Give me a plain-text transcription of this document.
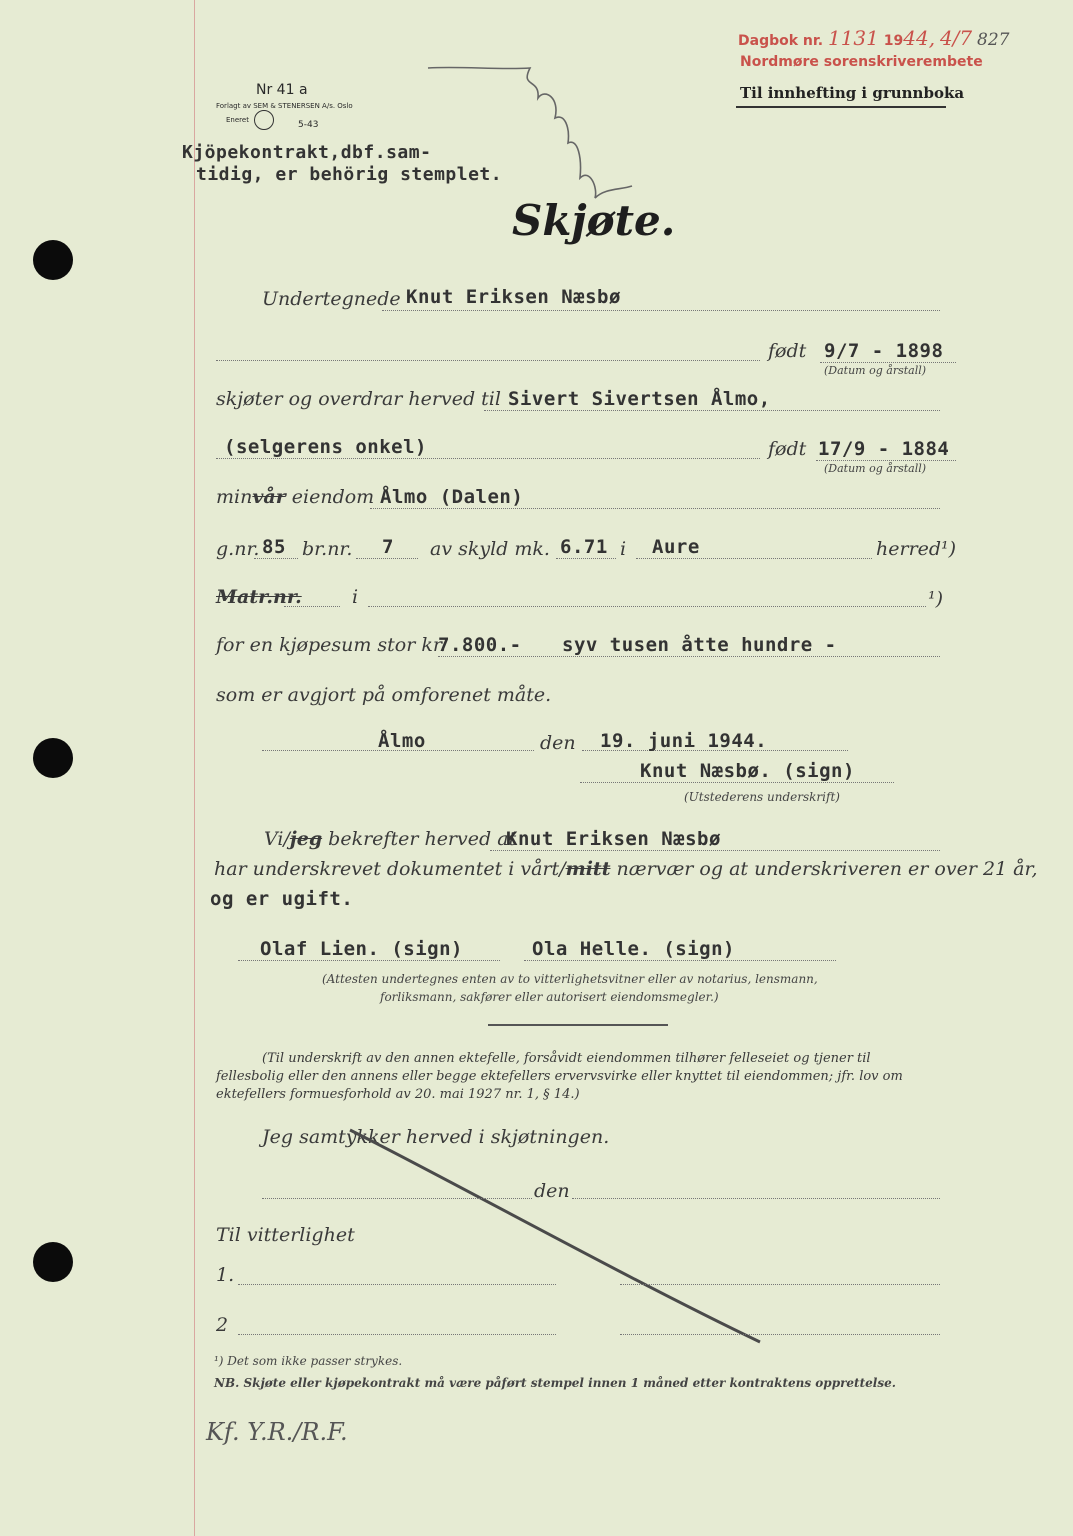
Dagbok nr. 1131 1944, 4/7 827
Nordmøre sorenskriverembete
Til innhefting i grunnboka
Nr 41 a
Forlagt av SEM & STENERSEN A/s. Oslo
Eneret	5-43
Kjöpekontrakt,dbf.sam-
tidig, er behörig stemplet.
Skjøte.
Undertegnede Knut Eriksen Næsbø
født 9/7 - 1898
(Datum og årstall)
skjøter og overdrar herved til Sivert Sivertsen Ålmo,
(selgerens onkel)	født 17/9 - 1884
(Datum og årstall)
minvår eiendom Ålmo (Dalen)
g.nr. 85 br.nr. 7 av skyld mk. 6.71 i Aure	herred¹)
Matr.nr.	i	¹)
for en kjøpesum stor kr.
7.800.- syv tusen åtte hundre -
som er avgjort på omforenet måte.
Ålmo	den 19. juni 1944.
Knut Næsbø. (sign)
(Utstederens underskrift)
Vi/jeg bekrefter herved at
Knut Eriksen Næsbø
har underskrevet dokumentet i vårt/mitt nærvær og at underskriveren er over 21 år,
og er ugift.
Olaf Lien. (sign)	Ola Helle. (sign)
(Attesten undertegnes enten av to vitterlighetsvitner eller av notarius, lensmann,
forliksmann, sakfører eller autorisert eiendomsmegler.)
(Til underskrift av den annen ektefelle, forsåvidt eiendommen tilhører felleseiet og tjener til fellesbolig eller den annens eller begge ektefellers ervervsvirke eller knyttet til eiendommen; jfr. lov om ektefellers formuesforhold av 20. mai 1927 nr. 1, § 14.)
Jeg samtykker herved i skjøtningen.
den
Til vitterlighet
1.
2
¹) Det som ikke passer strykes.
NB. Skjøte eller kjøpekontrakt må være påført stempel innen 1 måned etter kontraktens opprettelse.
Kf. Y.R./R.F.
